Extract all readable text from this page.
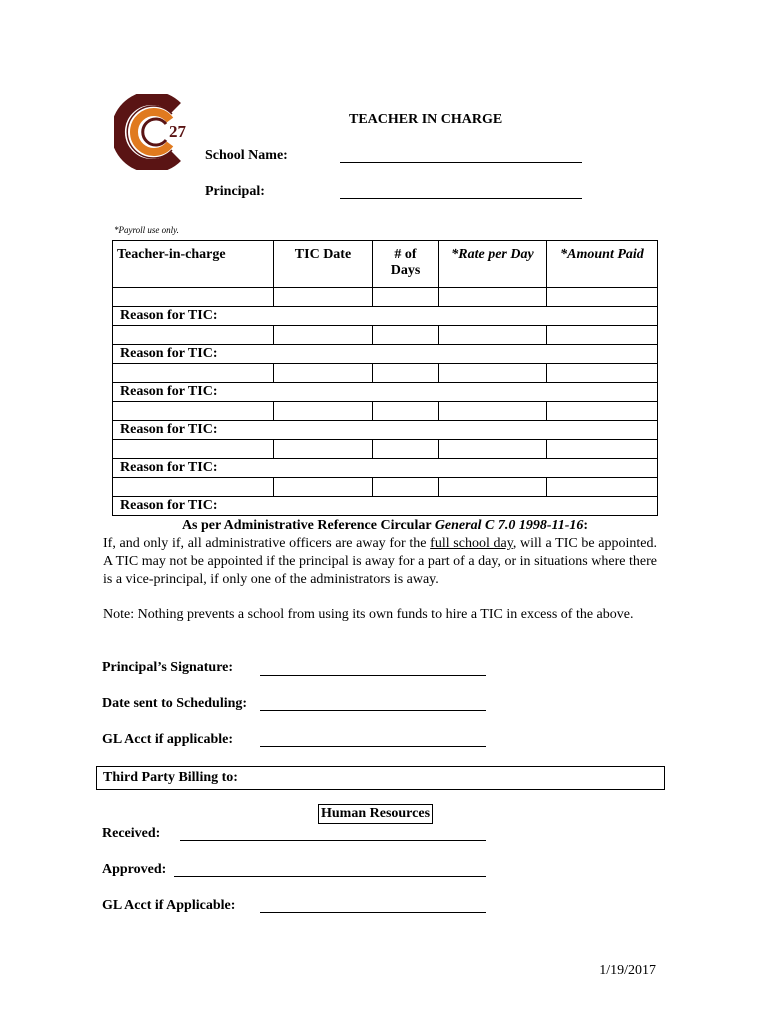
27
TEACHER IN CHARGE
School Name:
Principal:
*Payroll use only.
Teacher-in-charge	TIC Date	# of Days	*Rate per Day	*Amount Paid

Reason for TIC:				

Reason for TIC:				

Reason for TIC:				

Reason for TIC:				

Reason for TIC:				

Reason for TIC:				
As per Administrative Reference Circular General C 7.0 1998-11-16:
If, and only if, all administrative officers are away for the full school day, will a TIC be appointed. A TIC may not be appointed if the principal is away for a part of a day, or in situations where there is a vice-principal, if only one of the administrators is away.
Note: Nothing prevents a school from using its own funds to hire a TIC in excess of the above.
Principal’s Signature:
Date sent to Scheduling:
GL Acct if applicable:
Third Party Billing to:
Human Resources
Received:
Approved:
GL Acct if Applicable:
1/19/2017
